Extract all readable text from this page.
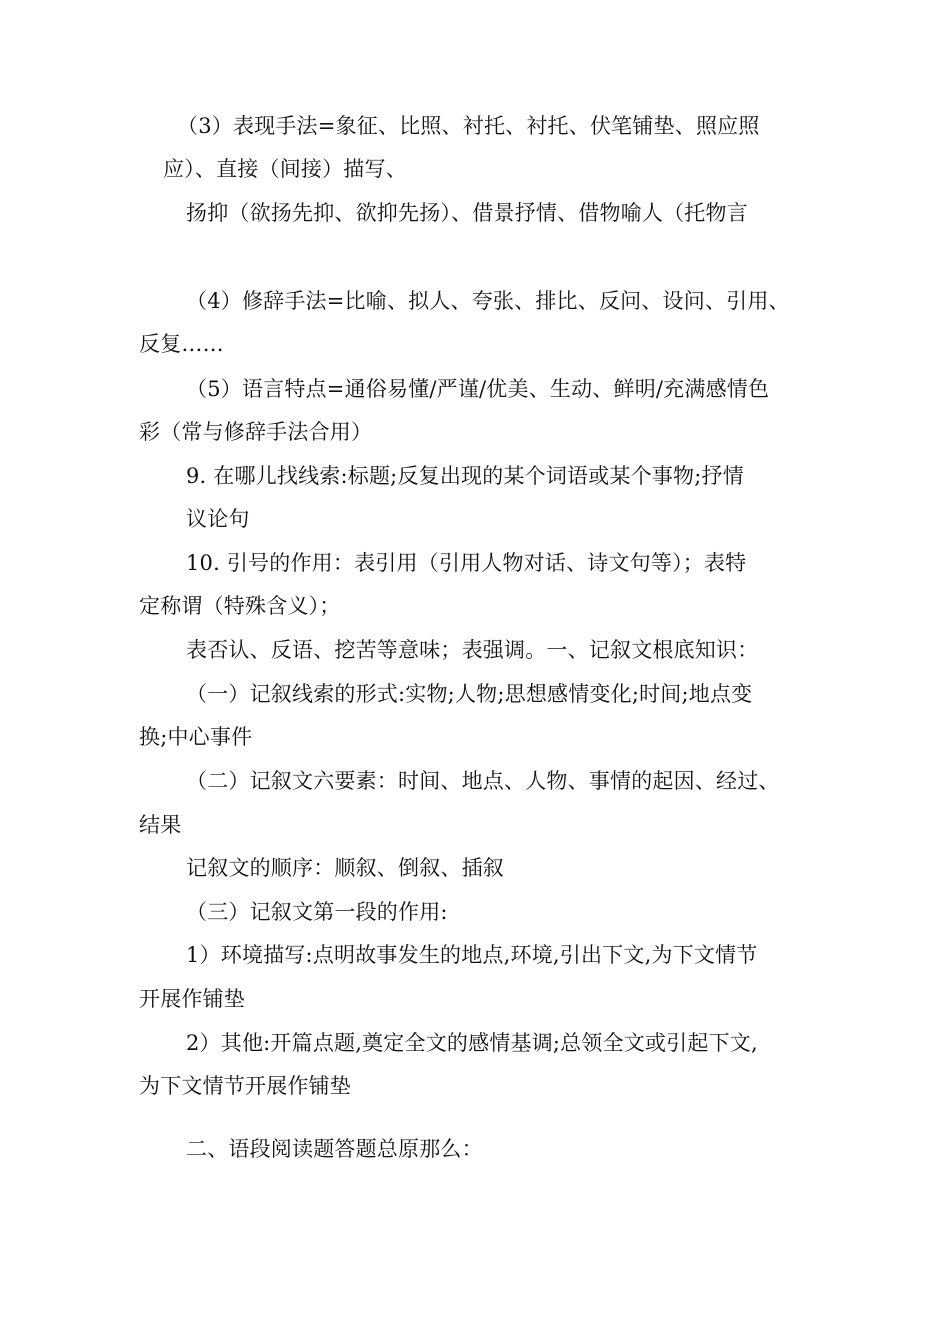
（3）表现手法=象征、比照、衬托、衬托、伏笔铺垫、照应照
应）、直接（间接）描写、
扬抑（欲扬先抑、欲抑先扬）、借景抒情、借物喻人（托物言
（4）修辞手法=比喻、拟人、夸张、排比、反问、设问、引用、
反复……
（5）语言特点=通俗易懂/严谨/优美、生动、鲜明/充满感情色
彩（常与修辞手法合用）
9. 在哪儿找线索:标题;反复出现的某个词语或某个事物;抒情
议论句
10. 引号的作用：表引用（引用人物对话、诗文句等）；表特
定称谓（特殊含义）；
表否认、反语、挖苦等意味；表强调。一、记叙文根底知识：
（一）记叙线索的形式:实物;人物;思想感情变化;时间;地点变
换;中心事件
（二）记叙文六要素：时间、地点、人物、事情的起因、经过、
结果
记叙文的顺序：顺叙、倒叙、插叙
（三）记叙文第一段的作用:
1）环境描写:点明故事发生的地点,环境,引出下文,为下文情节
开展作铺垫
2）其他:开篇点题,奠定全文的感情基调;总领全文或引起下文,
为下文情节开展作铺垫
二、语段阅读题答题总原那么：
